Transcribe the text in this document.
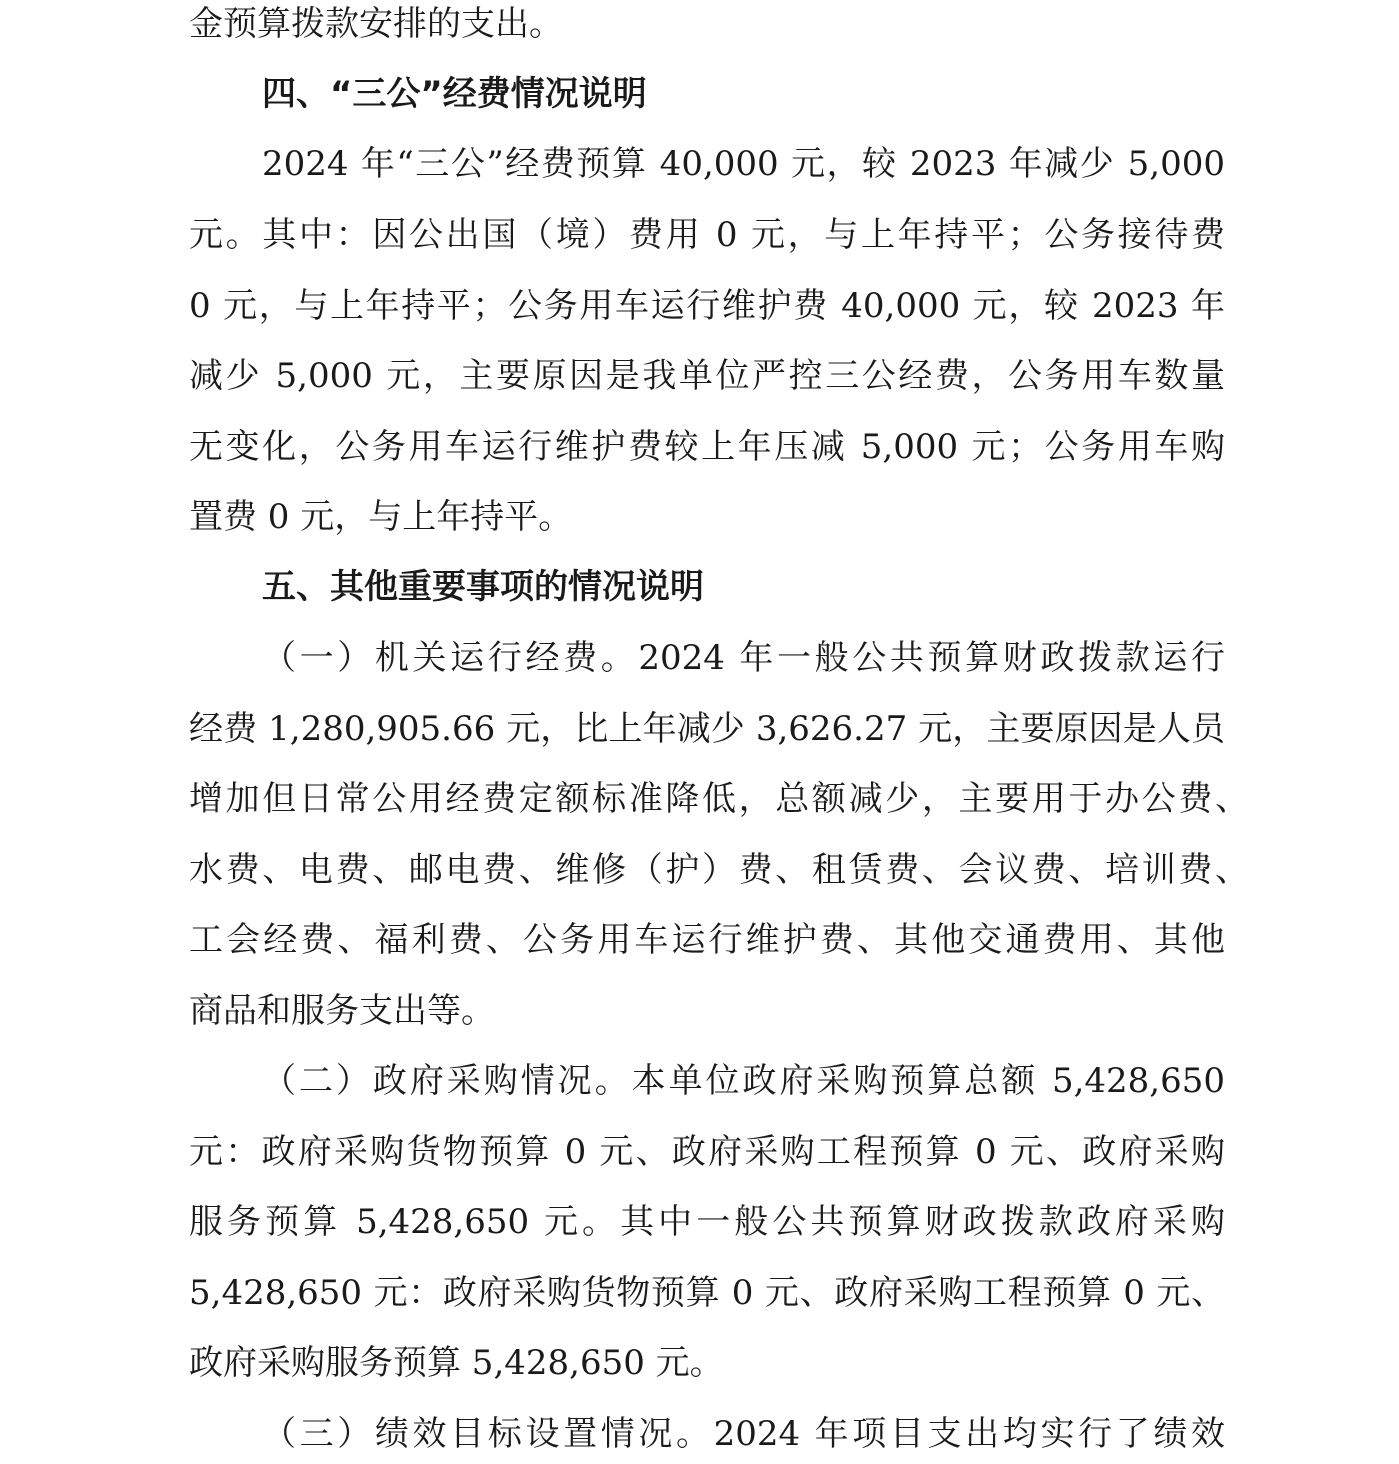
金预算拨款安排的支出。
四、“三公”经费情况说明
2024 年“三公”经费预算 40,000 元，较 2023 年减少 5,000
元。其中：因公出国（境）费用 0 元，与上年持平；公务接待费
0 元，与上年持平；公务用车运行维护费 40,000 元，较 2023 年
减少 5,000 元，主要原因是我单位严控三公经费，公务用车数量
无变化，公务用车运行维护费较上年压减 5,000 元；公务用车购
置费 0 元，与上年持平。
五、其他重要事项的情况说明
（一）机关运行经费。2024 年一般公共预算财政拨款运行
经费 1,280,905.66 元，比上年减少 3,626.27 元，主要原因是人员
增加但日常公用经费定额标准降低，总额减少，主要用于办公费、
水费、电费、邮电费、维修（护）费、租赁费、会议费、培训费、
工会经费、福利费、公务用车运行维护费、其他交通费用、其他
商品和服务支出等。
（二）政府采购情况。本单位政府采购预算总额 5,428,650
元：政府采购货物预算 0 元、政府采购工程预算 0 元、政府采购
服务预算 5,428,650 元。其中一般公共预算财政拨款政府采购
5,428,650 元：政府采购货物预算 0 元、政府采购工程预算 0 元、
政府采购服务预算 5,428,650 元。
（三）绩效目标设置情况。2024 年项目支出均实行了绩效
